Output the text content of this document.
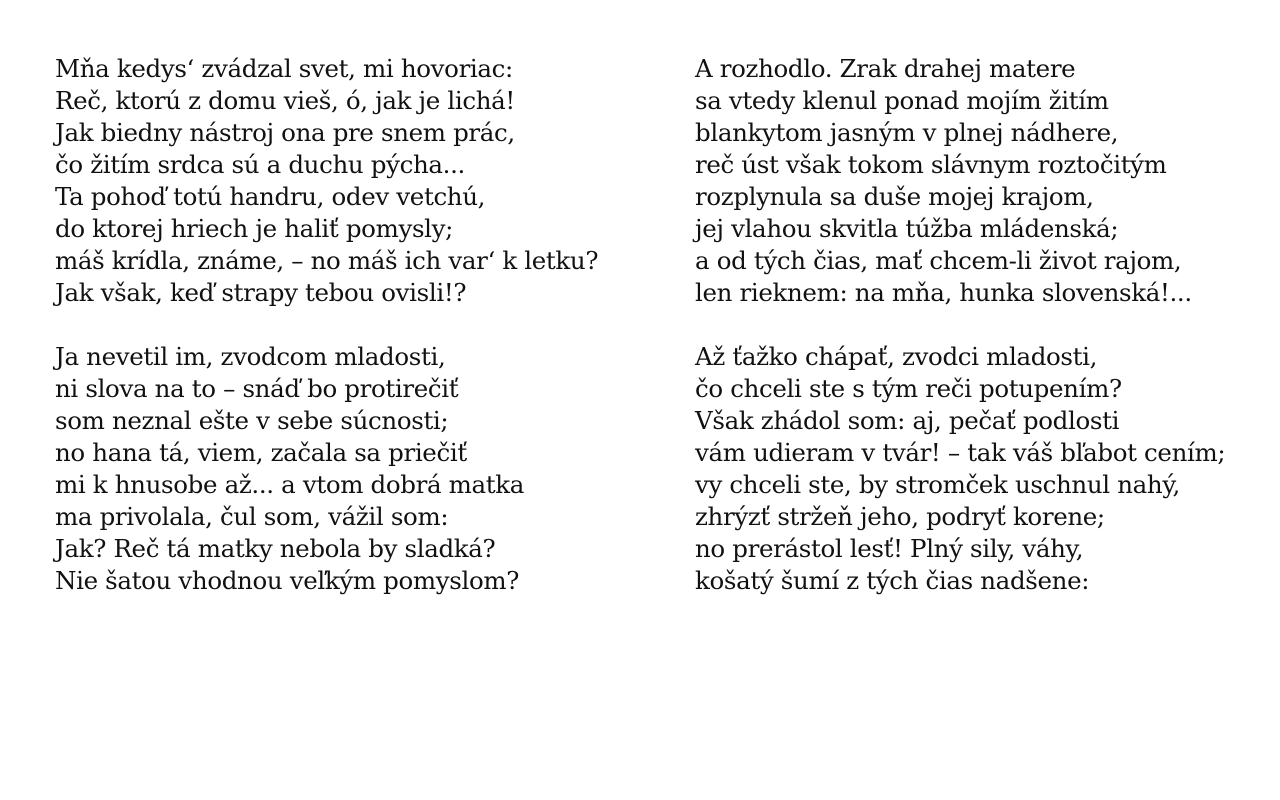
Mňa kedys‘ zvádzal svet, mi hovoriac:
Reč, ktorú z domu vieš, ó, jak je lichá!
Jak biedny nástroj ona pre snem prác,
čo žitím srdca sú a duchu pýcha...
Ta pohoď totú handru, odev vetchú,
do ktorej hriech je haliť pomysly;
máš krídla, známe, – no máš ich var‘ k letku?
Jak však, keď strapy tebou ovisli!?
Ja nevetil im, zvodcom mladosti,
ni slova na to – snáď bo protirečiť
som neznal ešte v sebe súcnosti;
no hana tá, viem, začala sa priečiť
mi k hnusobe až... a vtom dobrá matka
ma privolala, čul som, vážil som:
Jak? Reč tá matky nebola by sladká?
Nie šatou vhodnou veľkým pomyslom?
A rozhodlo. Zrak drahej matere
sa vtedy klenul ponad mojím žitím
blankytom jasným v plnej nádhere,
reč úst však tokom slávnym roztočitým
rozplynula sa duše mojej krajom,
jej vlahou skvitla túžba mládenská;
a od tých čias, mať chcem-li život rajom,
len rieknem: na mňa, hunka slovenská!...
Až ťažko chápať, zvodci mladosti,
čo chceli ste s tým reči potupením?
Však zhádol som: aj, pečať podlosti
vám udieram v tvár! – tak váš bľabot cením;
vy chceli ste, by stromček uschnul nahý,
zhrýzť stržeň jeho, podryť korene;
no prerástol lesť! Plný sily, váhy,
košatý šumí z tých čias nadšene:
